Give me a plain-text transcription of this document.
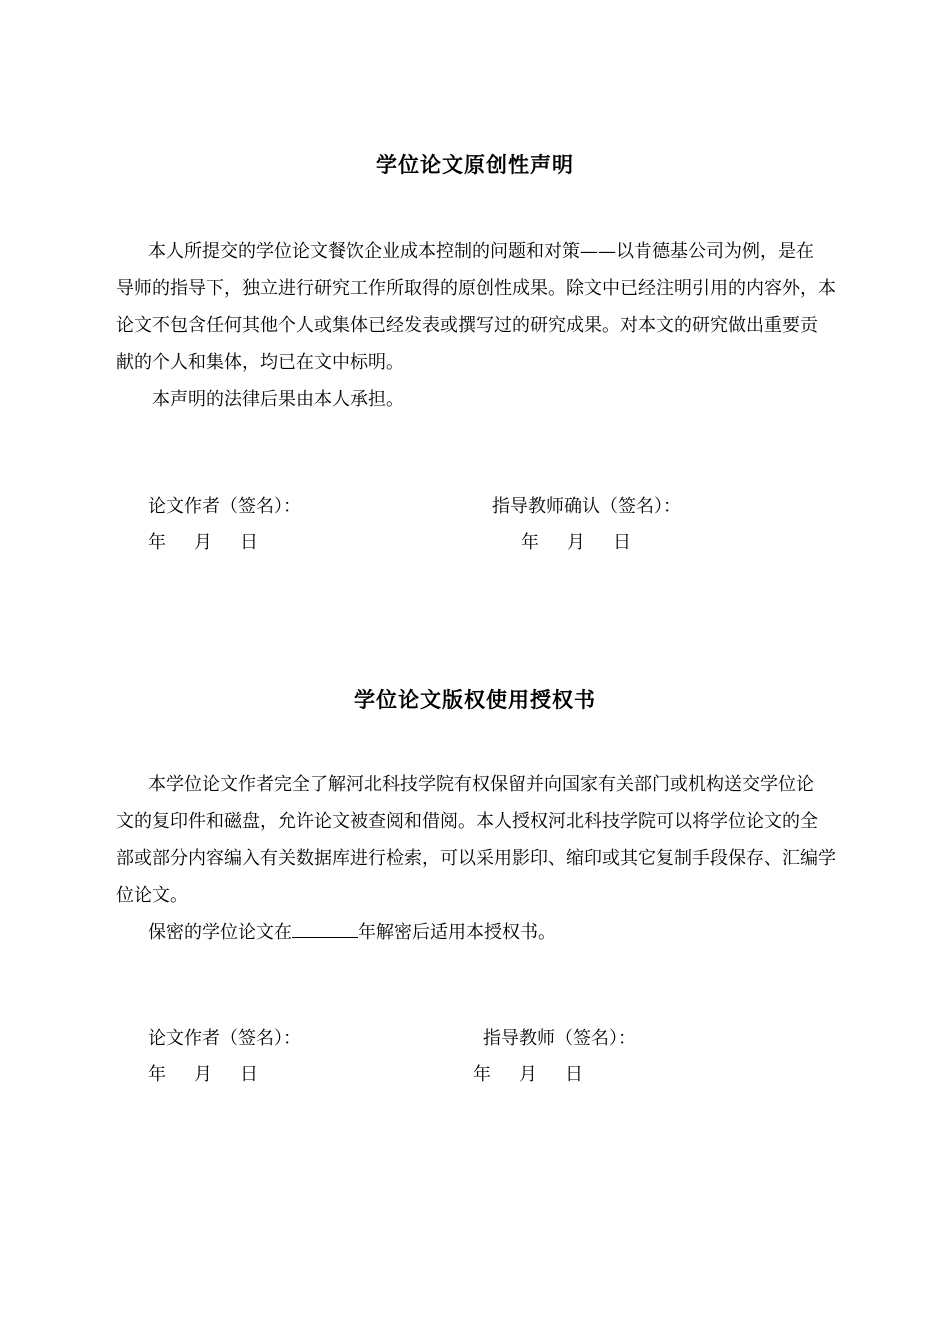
学位论文原创性声明
本人所提交的学位论文餐饮企业成本控制的问题和对策——以肯德基公司为例，是在
导师的指导下，独立进行研究工作所取得的原创性成果。除文中已经注明引用的内容外，本
论文不包含任何其他个人或集体已经发表或撰写过的研究成果。对本文的研究做出重要贡
献的个人和集体，均已在文中标明。
本声明的法律后果由本人承担。
论文作者（签名）：	指导教师确认（签名）：
年 月 日	年 月 日
学位论文版权使用授权书
本学位论文作者完全了解河北科技学院有权保留并向国家有关部门或机构送交学位论
文的复印件和磁盘，允许论文被查阅和借阅。本人授权河北科技学院可以将学位论文的全
部或部分内容编入有关数据库进行检索，可以采用影印、缩印或其它复制手段保存、汇编学
位论文。
保密的学位论文在	年解密后适用本授权书。
论文作者（签名）：	指导教师（签名）：
年 月 日	年 月 日
